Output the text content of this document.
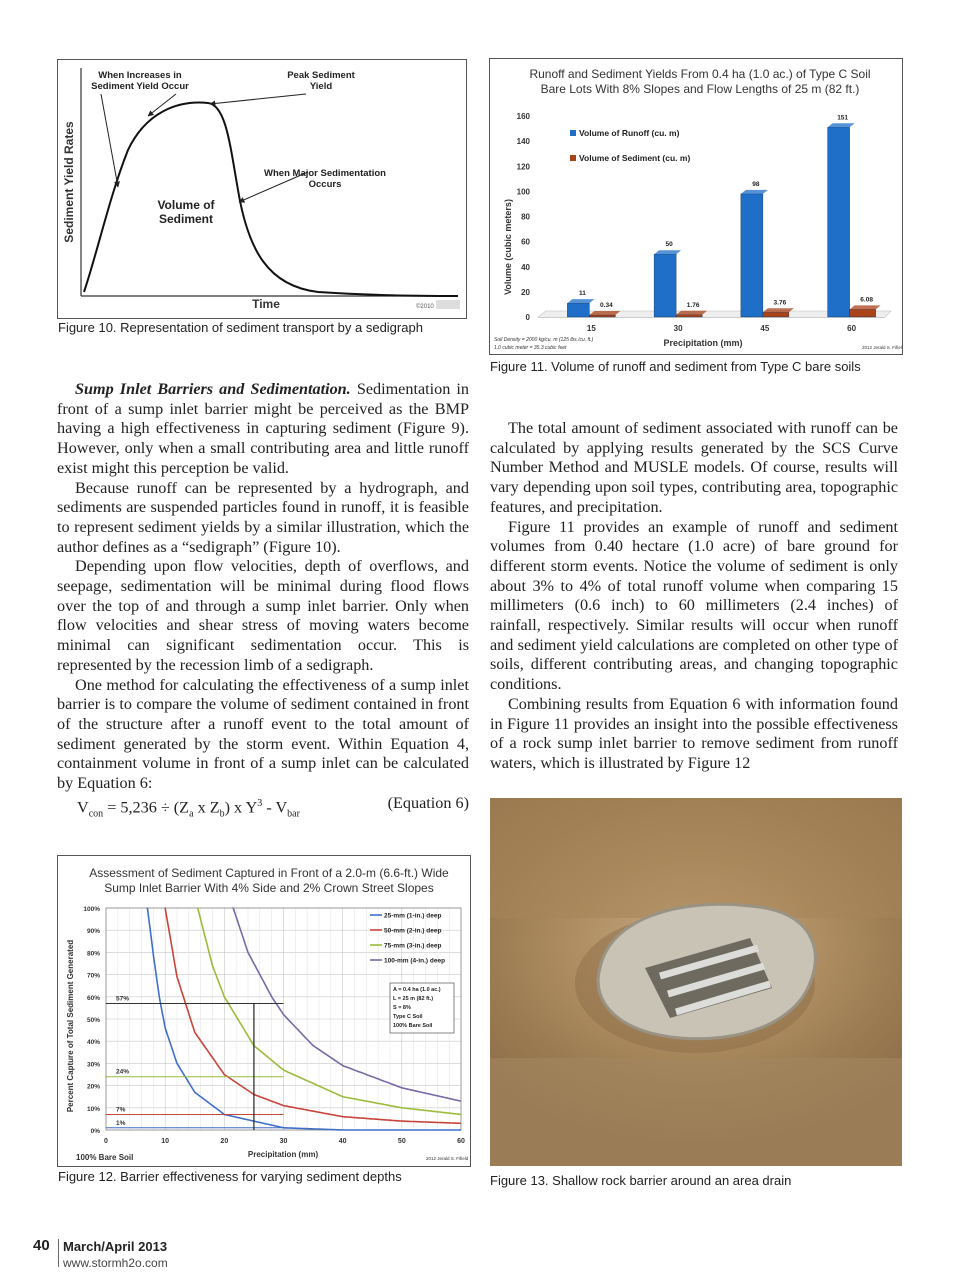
Sediment Yield Rates
Time
When Increases in Sediment Yield Occur
Peak Sediment Yield
Volume of Sediment
When Major Sedimentation Occurs
©2010
Figure 10. Representation of sediment transport by a sedigraph
Runoff and Sediment Yields From 0.4 ha (1.0 ac.) of Type C Soil Bare Lots With 8% Slopes and Flow Lengths of 25 m (82 ft.)
Volume (cubic meters)
Precipitation (mm)
Soil Density = 2000 kg/cu. m (125 lbs./cu. ft.)
1.0 cubic meter = 35.3 cubic feet	2012 Jerald S. Fifield
0
20
40
60
80
100
120
140
160
15	30	45	60
11
50
98
151
0.34	1.76	3.76	6.08
Volume of Runoff (cu. m)
Volume of Sediment (cu. m)
Figure 11. Volume of runoff and sediment from Type C bare soils

Sump Inlet Barriers and Sedimentation. Sedimentation in front of a sump inlet barrier might be perceived as the BMP having a high effectiveness in capturing sediment (Figure 9). However, only when a small contributing area and little runoff exist might this perception be valid.

Because runoff can be represented by a hydrograph, and sediments are suspended particles found in runoff, it is feasible to represent sediment yields by a similar illustration, which the author defines as a “sedigraph” (Figure 10).

Depending upon flow velocities, depth of overflows, and seepage, sedimentation will be minimal during flood flows over the top of and through a sump inlet barrier. Only when flow velocities and shear stress of moving waters become minimal can significant sedimentation occur. This is represented by the recession limb of a sedigraph.

One method for calculating the effectiveness of a sump inlet barrier is to compare the volume of sediment contained in front of the structure after a runoff event to the total amount of sediment generated by the storm event. Within Equation 4, containment volume in front of a sump inlet can be calculated by Equation 6:

$V_{con} = 5,236 \div (Z_a$ x $Z_b$) x $Y^3 - V_{bar}$
(Equation 6)

The total amount of sediment associated with runoff can be calculated by applying results generated by the SCS Curve Number Method and MUSLE models. Of course, results will vary depending upon soil types, contributing area, topographic features, and precipitation.

Figure 11 provides an example of runoff and sediment volumes from 0.40 hectare (1.0 acre) of bare ground for different storm events. Notice the volume of sediment is only about 3% to 4% of total runoff volume when comparing 15 millimeters (0.6 inch) to 60 millimeters (2.4 inches) of rainfall, respectively. Similar results will occur when runoff and sediment yield calculations are completed on other type of soils, different contributing areas, and changing topographic conditions.

Combining results from Equation 6 with information found in Figure 11 provides an insight into the possible effectiveness of a rock sump inlet barrier to remove sediment from runoff waters, which is illustrated by Figure 12

Assessment of Sediment Captured in Front of a 2.0-m (6.6-ft.) Wide Sump Inlet Barrier With 4% Side and 2% Crown Street Slopes
Percent Capture of Total Sediment Generated
Precipitation (mm)
100% Bare Soil	2012 Jerald S. Fifield
0%
10%
20%
30%
40%
50%
60%
70%
80%
90%
100%
0	10	20	30	40	50	60
57%
24%
7%
1%
25-mm (1-in.) deep
50-mm (2-in.) deep
75-mm (3-in.) deep
100-mm (4-in.) deep
A = 0.4 ha (1.0 ac.)
L = 25 m (82 ft.)
S = 8%
Type C Soil
100% Bare Soil
Figure 12. Barrier effectiveness for varying sediment depths	Figure 13. Shallow rock barrier around an area drain
40 March/April 2013
www.stormh2o.com
